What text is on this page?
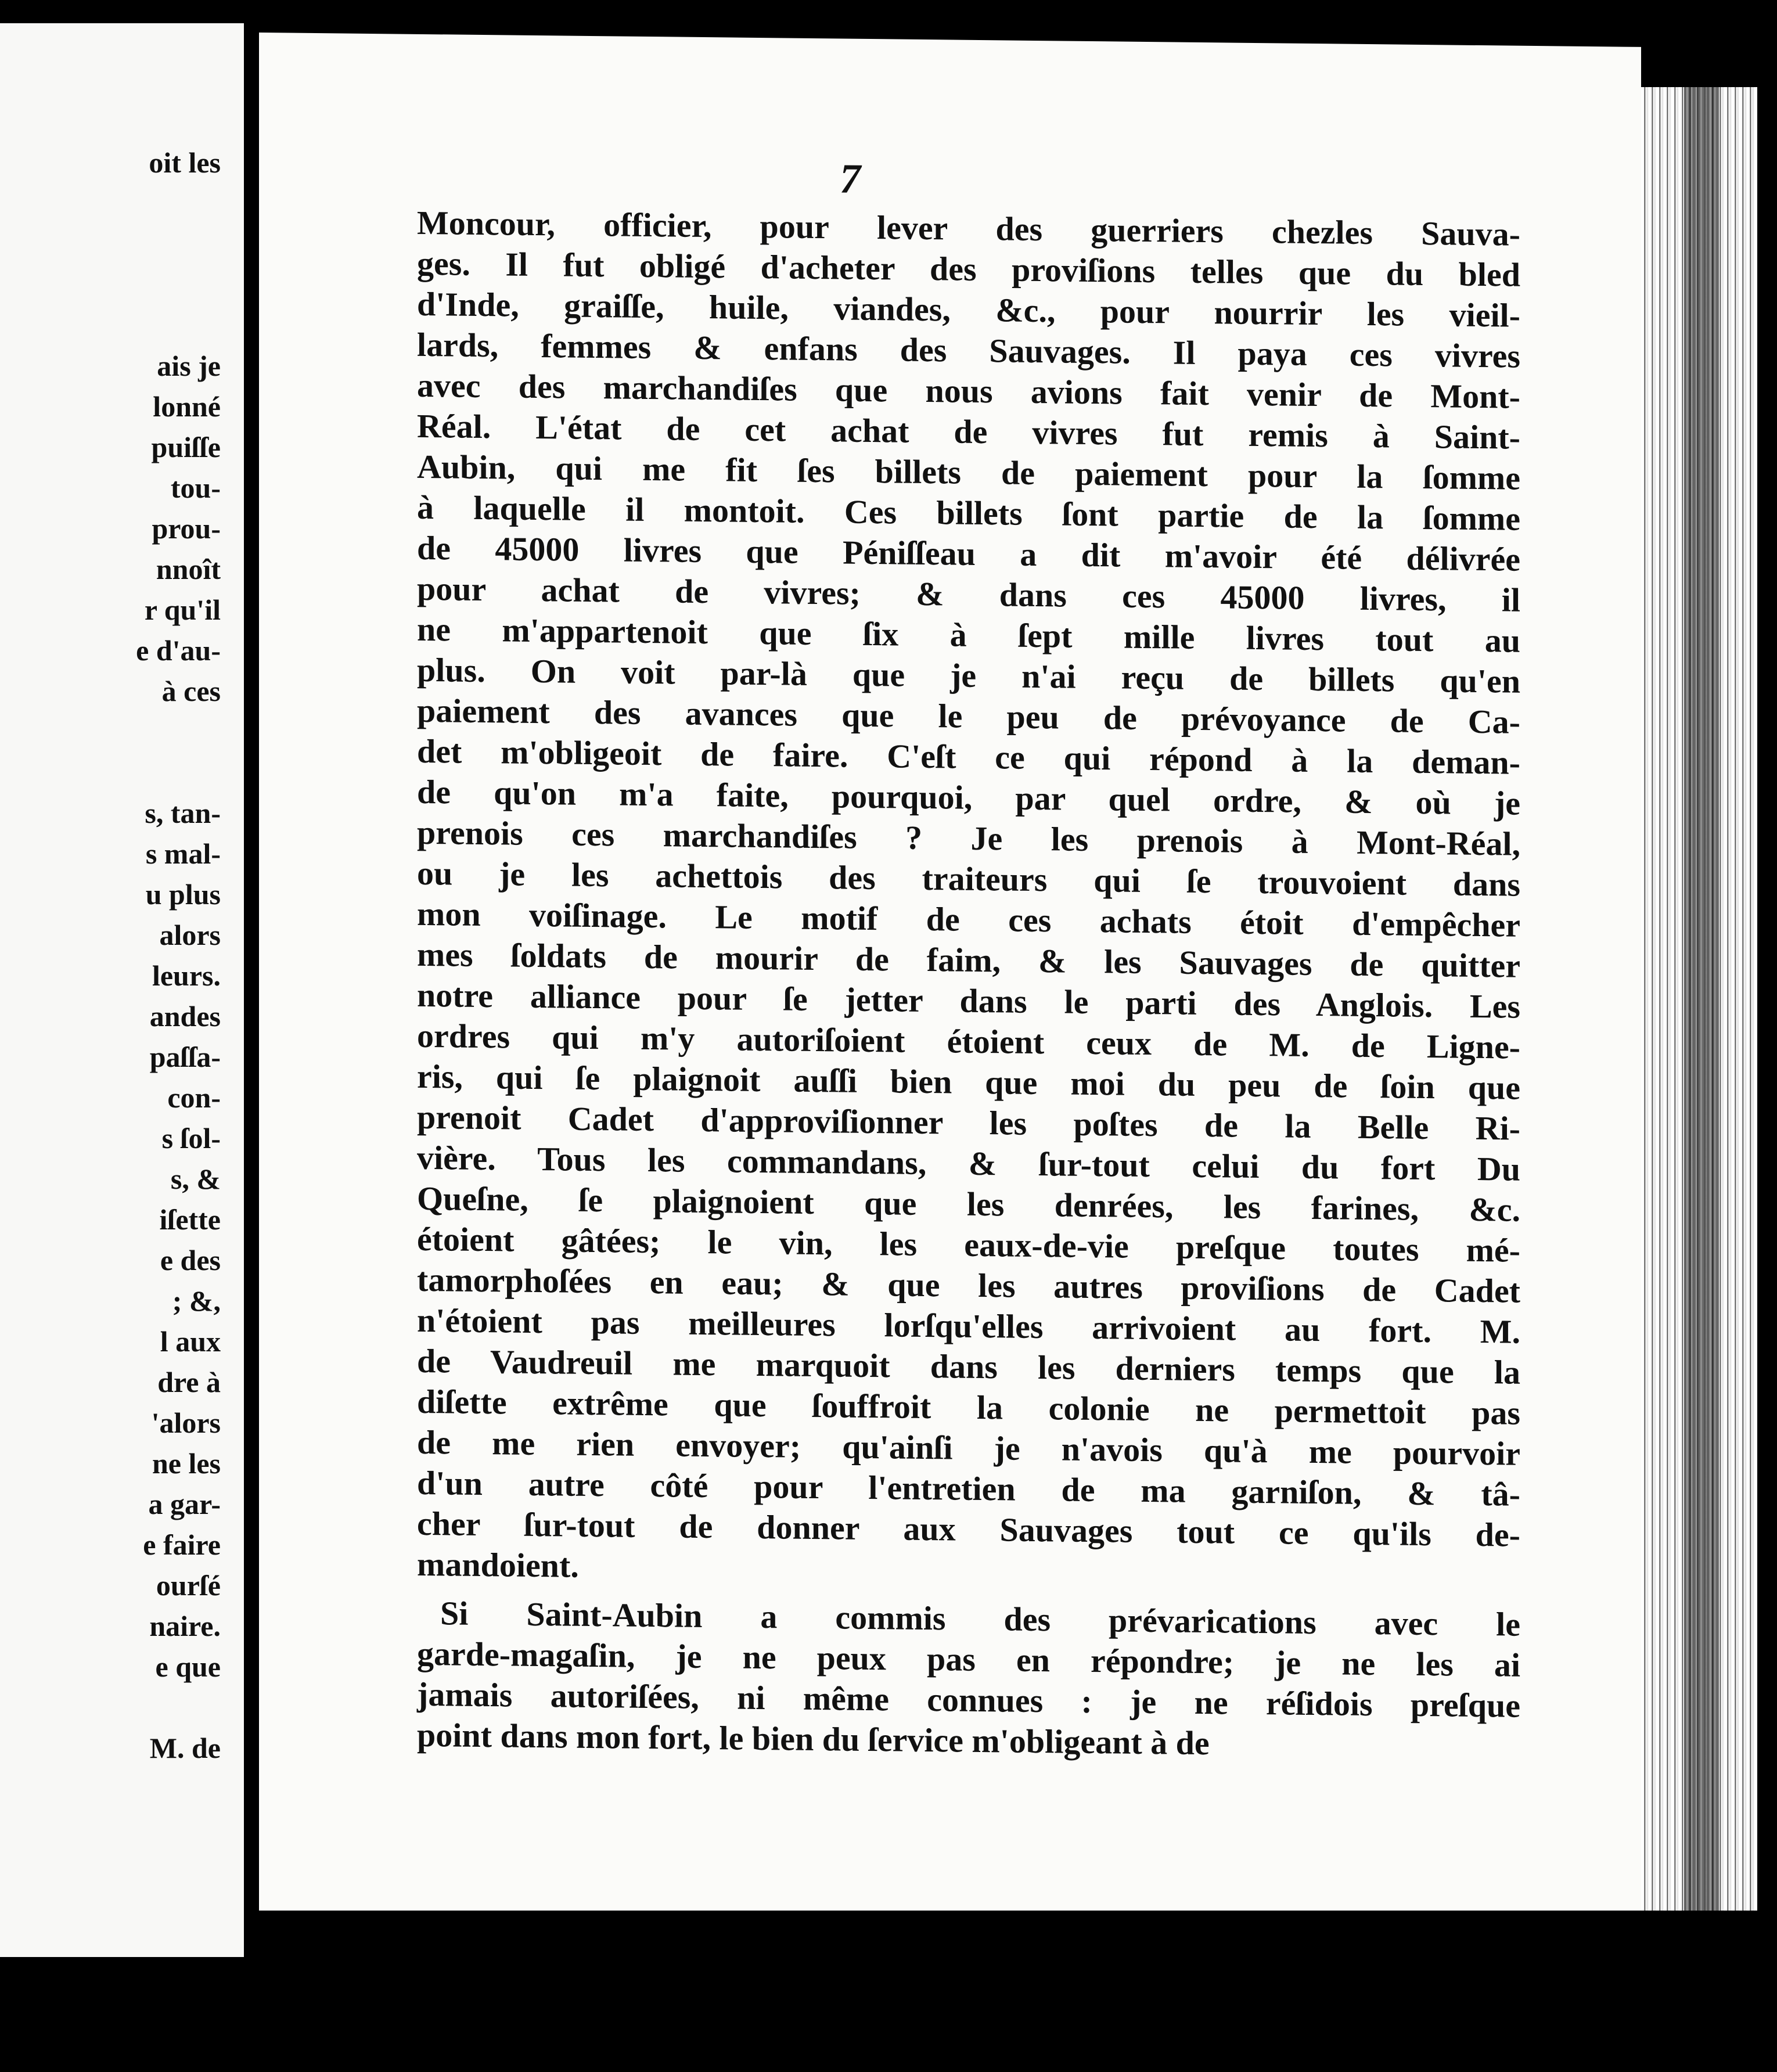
oit les

ais je
lonné
puiſſe
tou-
prou-
nnoît
r qu'il
e d'au-
à ces

s, tan-
s mal-
u plus
alors
leurs.
andes
paſſa-
con-
s ſol-
s, &
iſette
e des
; &,
l aux
dre à
'alors
ne les
a gar-
e faire
ourſé
naire.
e que

M. de
7
Moncour, officier, pour lever des guerriers chezles Sauva-
ges. Il fut obligé d'acheter des proviſions telles que du bled
d'Inde, graiſſe, huile, viandes, &c., pour nourrir les vieil-
lards, femmes & enfans des Sauvages. Il paya ces vivres
avec des marchandiſes que nous avions fait venir de Mont-
Réal. L'état de cet achat de vivres fut remis à Saint-
Aubin, qui me fit ſes billets de paiement pour la ſomme
à laquelle il montoit. Ces billets ſont partie de la ſomme
de 45000 livres que Péniſſeau a dit m'avoir été délivrée
pour achat de vivres; & dans ces 45000 livres, il
ne m'appartenoit que ſix à ſept mille livres tout au
plus. On voit par-là que je n'ai reçu de billets qu'en
paiement des avances que le peu de prévoyance de Ca-
det m'obligeoit de faire. C'eſt ce qui répond à la deman-
de qu'on m'a faite, pourquoi, par quel ordre, & où je
prenois ces marchandiſes ? Je les prenois à Mont-Réal,
ou je les achettois des traiteurs qui ſe trouvoient dans
mon voiſinage. Le motif de ces achats étoit d'empêcher
mes ſoldats de mourir de faim, & les Sauvages de quitter
notre alliance pour ſe jetter dans le parti des Anglois. Les
ordres qui m'y autoriſoient étoient ceux de M. de Ligne-
ris, qui ſe plaignoit auſſi bien que moi du peu de ſoin que
prenoit Cadet d'approviſionner les poſtes de la Belle Ri-
vière. Tous les commandans, & ſur-tout celui du fort Du
Queſne, ſe plaignoient que les denrées, les farines, &c.
étoient gâtées; le vin, les eaux-de-vie preſque toutes mé-
tamorphoſées en eau; & que les autres proviſions de Cadet
n'étoient pas meilleures lorſqu'elles arrivoient au fort. M.
de Vaudreuil me marquoit dans les derniers temps que la
diſette extrême que ſouffroit la colonie ne permettoit pas
de me rien envoyer; qu'ainſi je n'avois qu'à me pourvoir
d'un autre côté pour l'entretien de ma garniſon, & tâ-
cher ſur-tout de donner aux Sauvages tout ce qu'ils de-
mandoient.
Si Saint-Aubin a commis des prévarications avec le
garde-magaſin, je ne peux pas en répondre; je ne les ai
jamais autoriſées, ni même connues : je ne réſidois preſque
point dans mon fort, le bien du ſervice m'obligeant à de
